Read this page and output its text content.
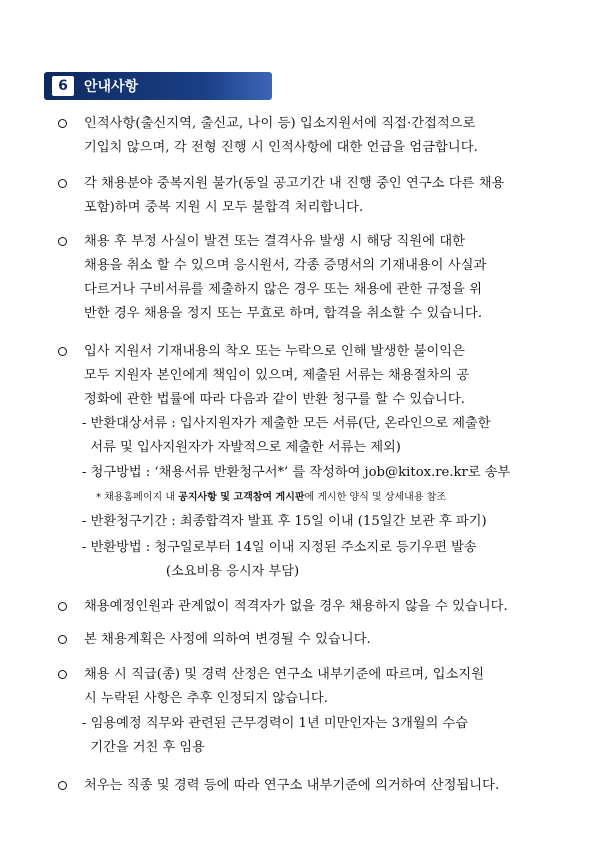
6	안내사항
인적사항(출신지역, 출신교, 나이 등) 입소지원서에 직접·간접적으로
기입치 않으며, 각 전형 진행 시 인적사항에 대한 언급을 엄금합니다.
각 채용분야 중복지원 불가(동일 공고기간 내 진행 중인 연구소 다른 채용
포함)하며 중복 지원 시 모두 불합격 처리합니다.
채용 후 부정 사실이 발견 또는 결격사유 발생 시 해당 직원에 대한
채용을 취소 할 수 있으며 응시원서, 각종 증명서의 기재내용이 사실과
다르거나 구비서류를 제출하지 않은 경우 또는 채용에 관한 규정을 위
반한 경우 채용을 정지 또는 무효로 하며, 합격을 취소할 수 있습니다.
입사 지원서 기재내용의 착오 또는 누락으로 인해 발생한 불이익은
모두 지원자 본인에게 책임이 있으며, 제출된 서류는 채용절차의 공
정화에 관한 법률에 따라 다음과 같이 반환 청구를 할 수 있습니다.
- 반환대상서류 : 입사지원자가 제출한 모든 서류(단, 온라인으로 제출한
서류 및 입사지원자가 자발적으로 제출한 서류는 제외)
- 청구방법 : ‘채용서류 반환청구서*’ 를 작성하여 job@kitox.re.kr로 송부
* 채용홈페이지 내 공지사항 및 고객참여 게시판에 게시한 양식 및 상세내용 참조
- 반환청구기간 : 최종합격자 발표 후 15일 이내 (15일간 보관 후 파기)
- 반환방법 : 청구일로부터 14일 이내 지정된 주소지로 등기우편 발송
(소요비용 응시자 부담)
채용예정인원과 관계없이 적격자가 없을 경우 채용하지 않을 수 있습니다.
본 채용계획은 사정에 의하여 변경될 수 있습니다.
채용 시 직급(종) 및 경력 산정은 연구소 내부기준에 따르며, 입소지원
시 누락된 사항은 추후 인정되지 않습니다.
- 임용예정 직무와 관련된 근무경력이 1년 미만인자는 3개월의 수습
기간을 거친 후 임용
처우는 직종 및 경력 등에 따라 연구소 내부기준에 의거하여 산정됩니다.
